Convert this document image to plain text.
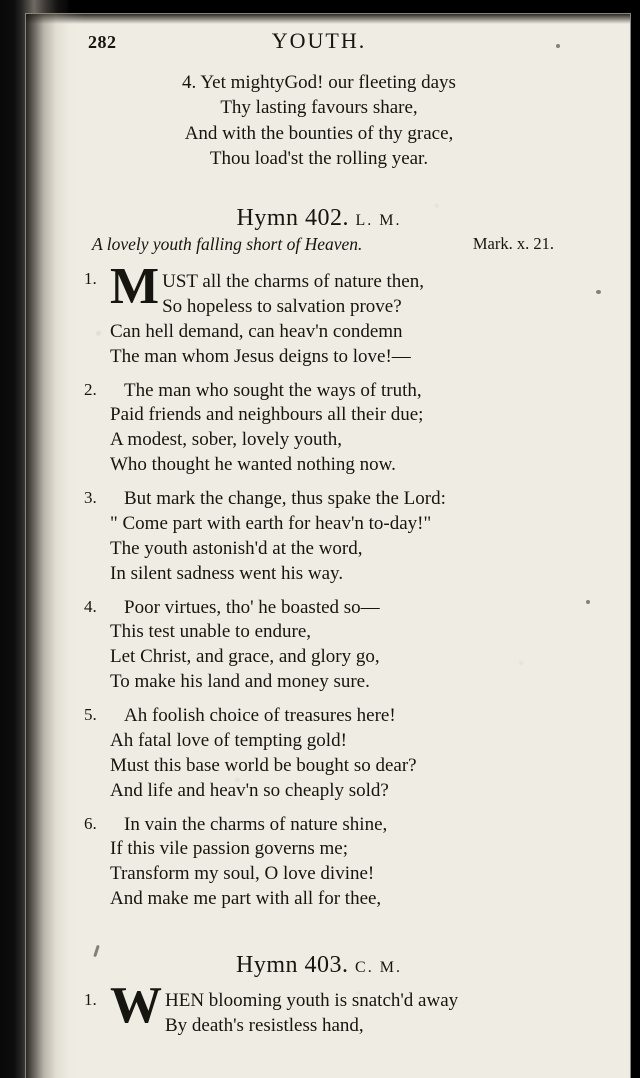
282	YOUTH.
4. Yet mightyGod! our fleeting days
Thy lasting favours share,
And with the bounties of thy grace,
Thou load'st the rolling year.
Hymn 402. L. M.
A lovely youth falling short of Heaven.	Mark. x. 21.
1. M UST all the charms of nature then,
So hopeless to salvation prove?
Can hell demand, can heav'n condemn
The man whom Jesus deigns to love!—
2.	The man who sought the ways of truth,
Paid friends and neighbours all their due;
A modest, sober, lovely youth,
Who thought he wanted nothing now.
3.	But mark the change, thus spake the Lord:
" Come part with earth for heav'n to-day!"
The youth astonish'd at the word,
In silent sadness went his way.
4.	Poor virtues, tho' he boasted so—
This test unable to endure,
Let Christ, and grace, and glory go,
To make his land and money sure.
5.	Ah foolish choice of treasures here!
Ah fatal love of tempting gold!
Must this base world be bought so dear?
And life and heav'n so cheaply sold?
6.	In vain the charms of nature shine,
If this vile passion governs me;
Transform my soul, O love divine!
And make me part with all for thee,
Hymn 403. C. M.
1. W HEN blooming youth is snatch'd away
By death's resistless hand,
